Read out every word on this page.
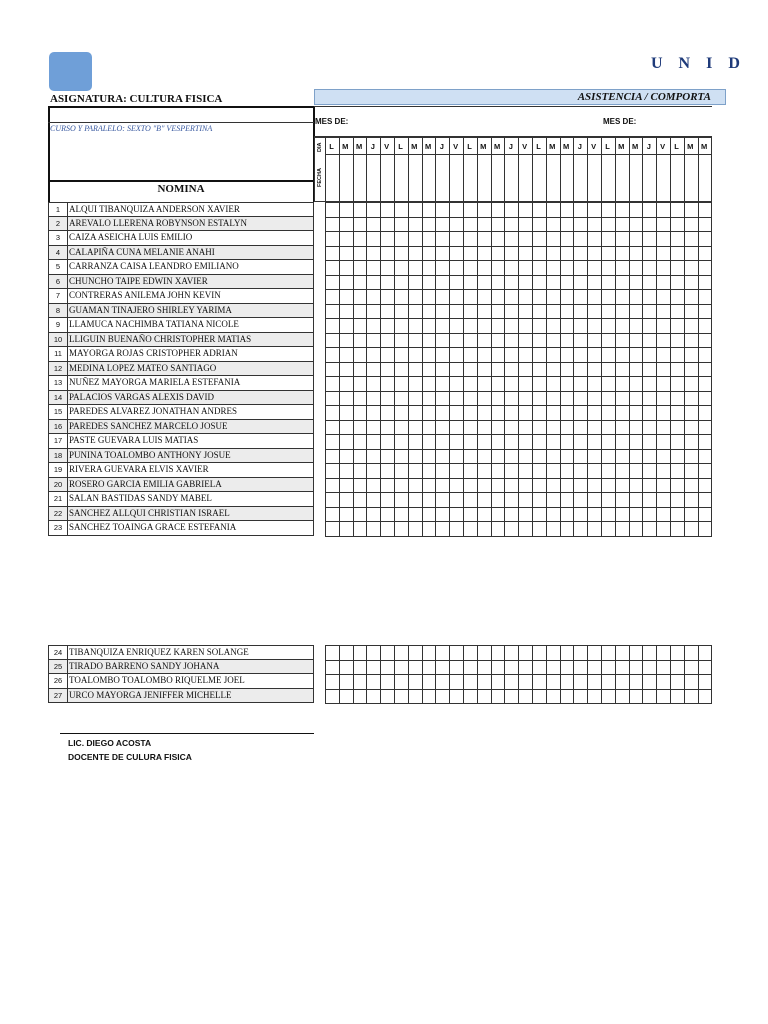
U N I D
ASIGNATURA: CULTURA FISICA	ASISTENCIA / COMPORTA
CURSO Y PARALELO: SEXTO "B" VESPERTINA
NOMINA
MES DE:	MES DE:
DIA
FECHA
L	M	M	J	V	L	M	M	J	V	L	M	M	J	V	L	M	M	J	V	L	M	M	J	V	L	M	M
1 ALQUI TIBANQUIZA ANDERSON XAVIER
2 AREVALO LLERENA ROBYNSON ESTALYN
3 CAIZA ASEICHA LUIS EMILIO
4 CALAPIÑA CUNA MELANIE ANAHI
5 CARRANZA CAISA LEANDRO EMILIANO
6 CHUNCHO TAIPE EDWIN XAVIER
7 CONTRERAS ANILEMA JOHN KEVIN
8 GUAMAN TINAJERO SHIRLEY YARIMA
9 LLAMUCA NACHIMBA TATIANA NICOLE
10 LLIGUIN BUENAÑO CHRISTOPHER MATIAS
11 MAYORGA ROJAS CRISTOPHER ADRIAN
12 MEDINA LOPEZ MATEO SANTIAGO
13 NUÑEZ MAYORGA MARIELA ESTEFANIA
14 PALACIOS VARGAS ALEXIS DAVID
15 PAREDES ALVAREZ JONATHAN ANDRES
16 PAREDES SANCHEZ MARCELO JOSUE
17 PASTE GUEVARA LUIS MATIAS
18 PUNINA TOALOMBO ANTHONY JOSUE
19 RIVERA GUEVARA ELVIS XAVIER
20 ROSERO GARCIA EMILIA GABRIELA
21 SALAN BASTIDAS SANDY MABEL
22 SANCHEZ ALLQUI CHRISTIAN ISRAEL
23 SANCHEZ TOAINGA GRACE ESTEFANIA
24 TIBANQUIZA ENRIQUEZ KAREN SOLANGE
25 TIRADO BARRENO SANDY JOHANA
26 TOALOMBO TOALOMBO RIQUELME JOEL
27 URCO MAYORGA JENIFFER MICHELLE
LIC. DIEGO ACOSTA
DOCENTE DE CULURA FISICA
